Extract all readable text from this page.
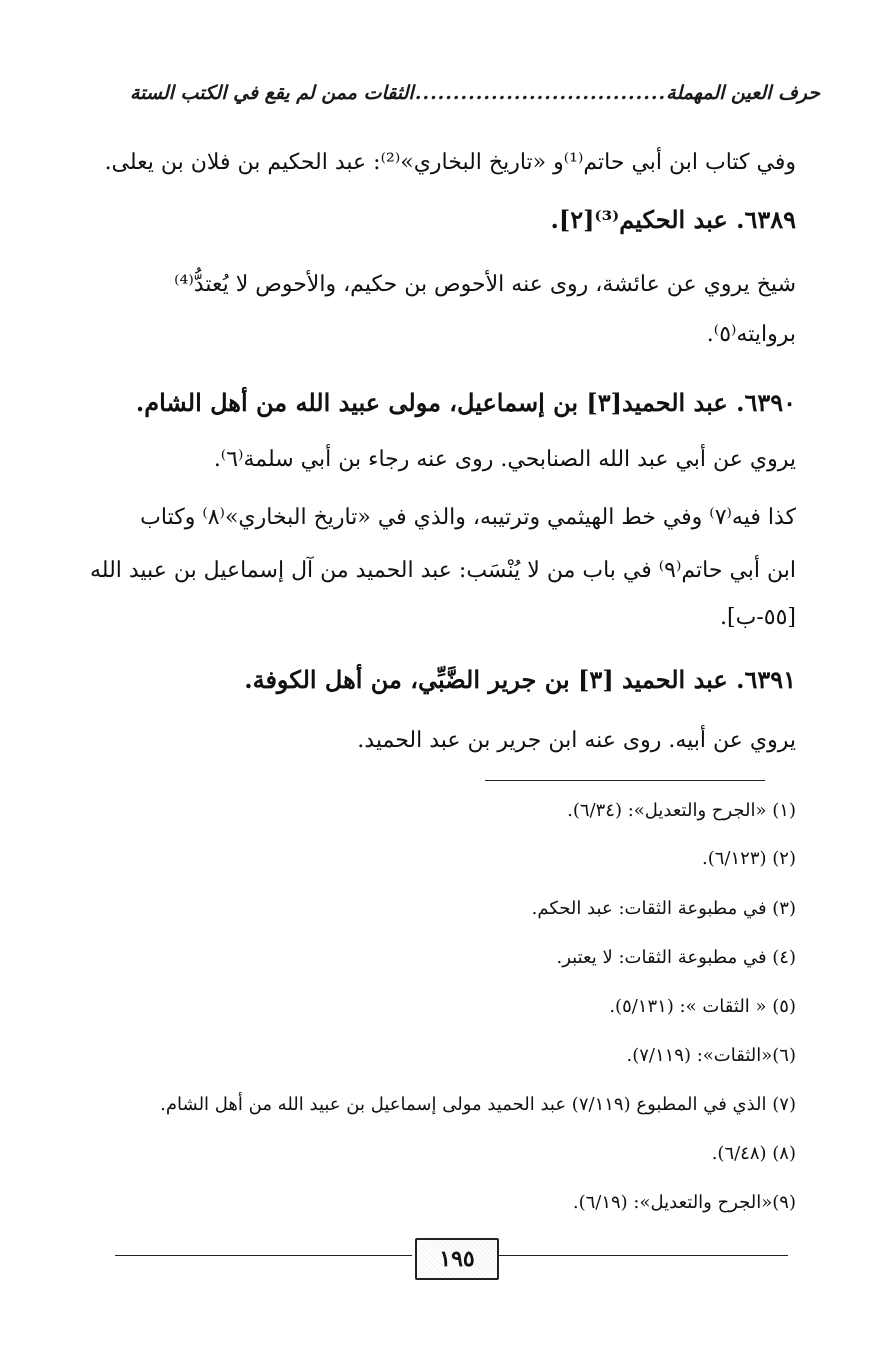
حرف العين المهملة
.....
الثقات ممن لم يقع في الكتب الستة
وفي كتاب ابن أبي حاتم⁽¹⁾و «تاريخ البخاري»⁽²⁾: عبد الحكيم بن فلان بن يعلى.
٦٣٨٩. عبد الحكيم⁽³⁾[٢].
شيخ يروي عن عائشة، روى عنه الأحوص بن حكيم، والأحوص لا يُعتدُّ⁽⁴⁾
بروايته⁽٥⁾.
٦٣٩٠. عبد الحميد[٣] بن إسماعيل، مولى عبيد الله من أهل الشام.
يروي عن أبي عبد الله الصنابحي. روى عنه رجاء بن أبي سلمة⁽٦⁾.
كذا فيه⁽٧⁾ وفي خط الهيثمي وترتيبه، والذي في «تاريخ البخاري»⁽٨⁾ وكتاب
ابن أبي حاتم⁽٩⁾ في باب من لا يُنْسَب: عبد الحميد من آل إسماعيل بن عبيد الله
[٥٥-ب].
٦٣٩١. عبد الحميد [٣] بن جرير الضَّبِّي، من أهل الكوفة.
يروي عن أبيه. روى عنه ابن جرير بن عبد الحميد.
(١) «الجرح والتعديل»: (٦/٣٤).
(٢) (٦/١٢٣).
(٣) في مطبوعة الثقات: عبد الحكم.
(٤) في مطبوعة الثقات: لا يعتبر.
(٥) « الثقات »: (٥/١٣١).
(٦)«الثقات»: (٧/١١٩).
(٧) الذي في المطبوع (٧/١١٩) عبد الحميد مولى إسماعيل بن عبيد الله من أهل الشام.
(٨) (٦/٤٨).
(٩)«الجرح والتعديل»: (٦/١٩).
١٩٥
